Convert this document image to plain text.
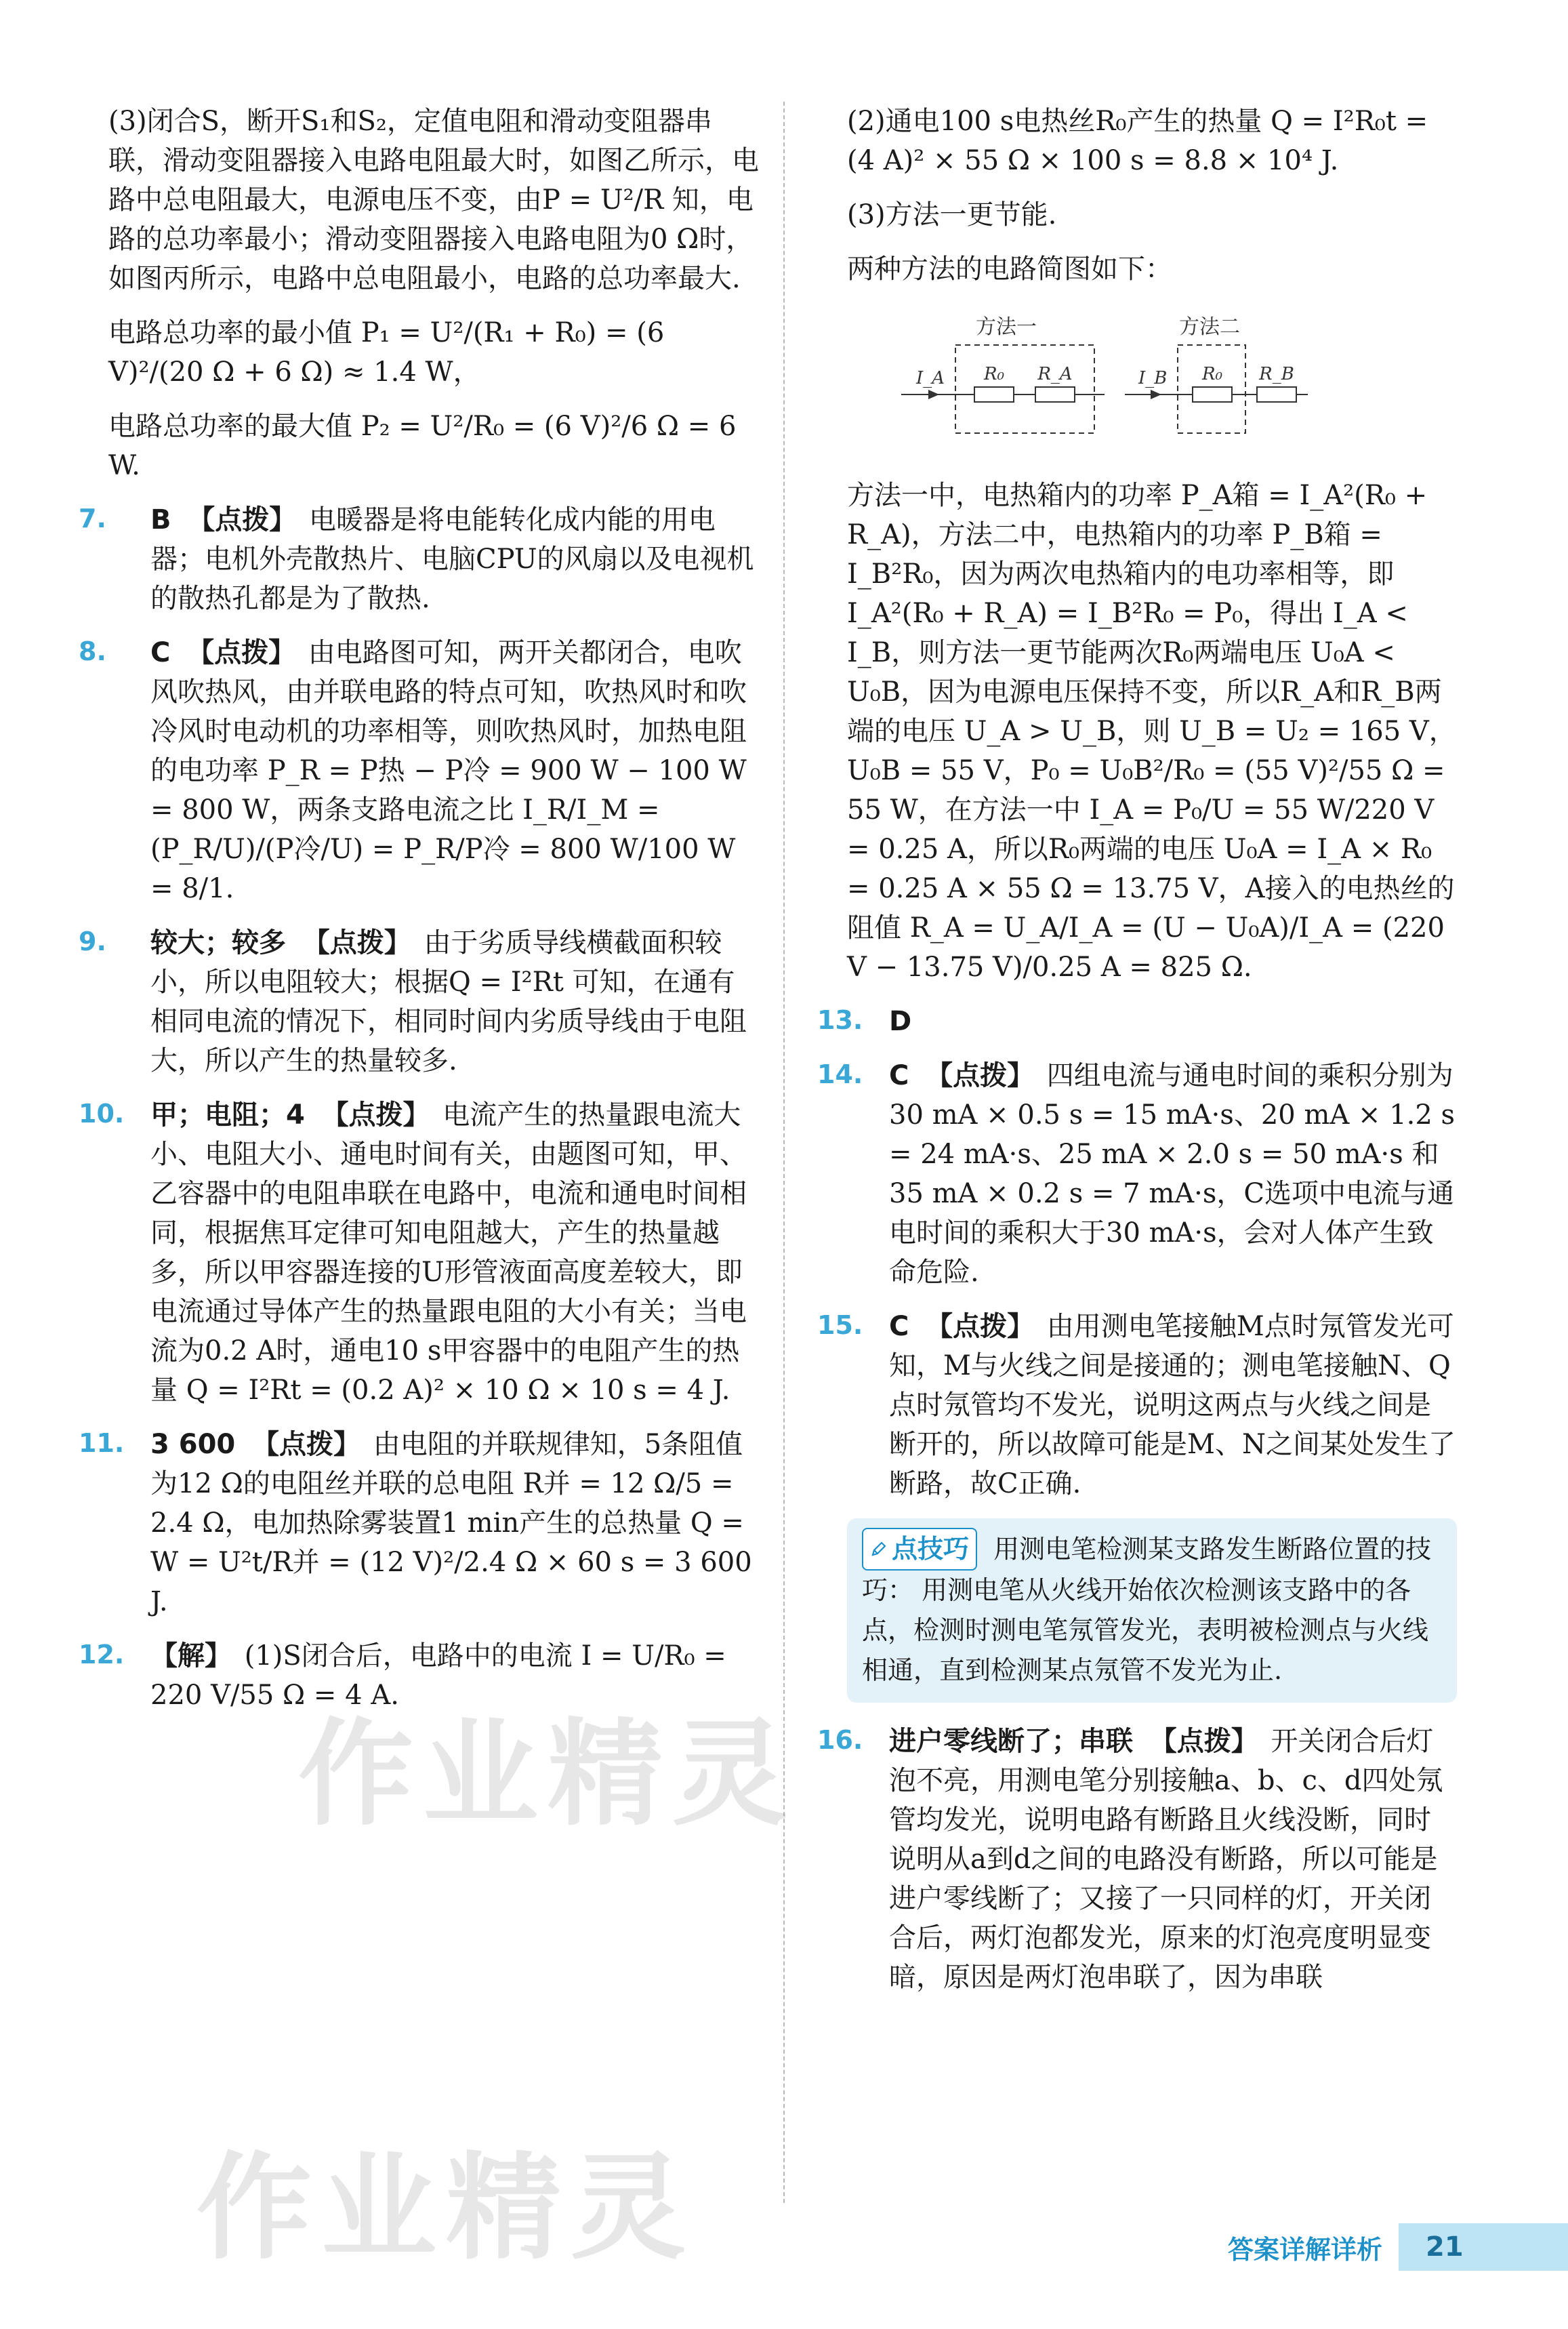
(3)闭合S，断开S₁和S₂，定值电阻和滑动变阻器串联，滑动变阻器接入电路电阻最大时，如图乙所示，电路中总电阻最大，电源电压不变，由P = U²/R 知，电路的总功率最小；滑动变阻器接入电路电阻为0 Ω时，如图丙所示，电路中总电阻最小，电路的总功率最大.

电路总功率的最小值 P₁ = U²/(R₁ + R₀) = (6 V)²/(20 Ω + 6 Ω) ≈ 1.4 W，

电路总功率的最大值 P₂ = U²/R₀ = (6 V)²/6 Ω = 6 W.

7.	B 【点拨】 电暖器是将电能转化成内能的用电器；电机外壳散热片、电脑CPU的风扇以及电视机的散热孔都是为了散热.
8.	C 【点拨】 由电路图可知，两开关都闭合，电吹风吹热风，由并联电路的特点可知，吹热风时和吹冷风时电动机的功率相等，则吹热风时，加热电阻的电功率 P_R = P热 − P冷 = 900 W − 100 W = 800 W，两条支路电流之比 I_R/I_M = (P_R/U)/(P冷/U) = P_R/P冷 = 800 W/100 W = 8/1.
9.	较大；较多 【点拨】 由于劣质导线横截面积较小，所以电阻较大；根据Q = I²Rt 可知，在通有相同电流的情况下，相同时间内劣质导线由于电阻大，所以产生的热量较多.
10. 甲；电阻；4 【点拨】 电流产生的热量跟电流大小、电阻大小、通电时间有关，由题图可知，甲、乙容器中的电阻串联在电路中，电流和通电时间相同，根据焦耳定律可知电阻越大，产生的热量越多，所以甲容器连接的U形管液面高度差较大，即电流通过导体产生的热量跟电阻的大小有关；当电流为0.2 A时，通电10 s甲容器中的电阻产生的热量 Q = I²Rt = (0.2 A)² × 10 Ω × 10 s = 4 J.
11. 3 600 【点拨】 由电阻的并联规律知，5条阻值为12 Ω的电阻丝并联的总电阻 R并 = 12 Ω/5 = 2.4 Ω，电加热除雾装置1 min产生的总热量 Q = W = U²t/R并 = (12 V)²/2.4 Ω × 60 s = 3 600 J.
12. 【解】 (1)S闭合后，电路中的电流 I = U/R₀ = 220 V/55 Ω = 4 A.

(2)通电100 s电热丝R₀产生的热量 Q = I²R₀t = (4 A)² × 55 Ω × 100 s = 8.8 × 10⁴ J.

(3)方法一更节能.

两种方法的电路简图如下：

方法一	方法二
I_A R₀ R_A	I_B R₀ R_B

方法一中，电热箱内的功率 P_A箱 = I_A²(R₀ + R_A)，方法二中，电热箱内的功率 P_B箱 = I_B²R₀，因为两次电热箱内的电功率相等，即 I_A²(R₀ + R_A) = I_B²R₀ = P₀，得出 I_A < I_B，则方法一更节能两次R₀两端电压 U₀A < U₀B，因为电源电压保持不变，所以R_A和R_B两端的电压 U_A > U_B，则 U_B = U₂ = 165 V，U₀B = 55 V，P₀ = U₀B²/R₀ = (55 V)²/55 Ω = 55 W，在方法一中 I_A = P₀/U = 55 W/220 V = 0.25 A，所以R₀两端的电压 U₀A = I_A × R₀ = 0.25 A × 55 Ω = 13.75 V，A接入的电热丝的阻值 R_A = U_A/I_A = (U − U₀A)/I_A = (220 V − 13.75 V)/0.25 A = 825 Ω.

13. D
14. C 【点拨】 四组电流与通电时间的乘积分别为 30 mA × 0.5 s = 15 mA·s、20 mA × 1.2 s = 24 mA·s、25 mA × 2.0 s = 50 mA·s 和 35 mA × 0.2 s = 7 mA·s，C选项中电流与通电时间的乘积大于30 mA·s，会对人体产生致命危险.
15. C 【点拨】 由用测电笔接触M点时氖管发光可知，M与火线之间是接通的；测电笔接触N、Q点时氖管均不发光，说明这两点与火线之间是断开的，所以故障可能是M、N之间某处发生了断路，故C正确.
点技巧 用测电笔检测某支路发生断路位置的技巧： 用测电笔从火线开始依次检测该支路中的各点，检测时测电笔氖管发光，表明被检测点与火线相通，直到检测某点氖管不发光为止.
16. 进户零线断了；串联 【点拨】 开关闭合后灯泡不亮，用测电笔分别接触a、b、c、d四处氖管均发光，说明电路有断路且火线没断，同时说明从a到d之间的电路没有断路，所以可能是进户零线断了；又接了一只同样的灯，开关闭合后，两灯泡都发光，原来的灯泡亮度明显变暗，原因是两灯泡串联了，因为串联
答案详解详析	21
作业精灵
作业精灵
